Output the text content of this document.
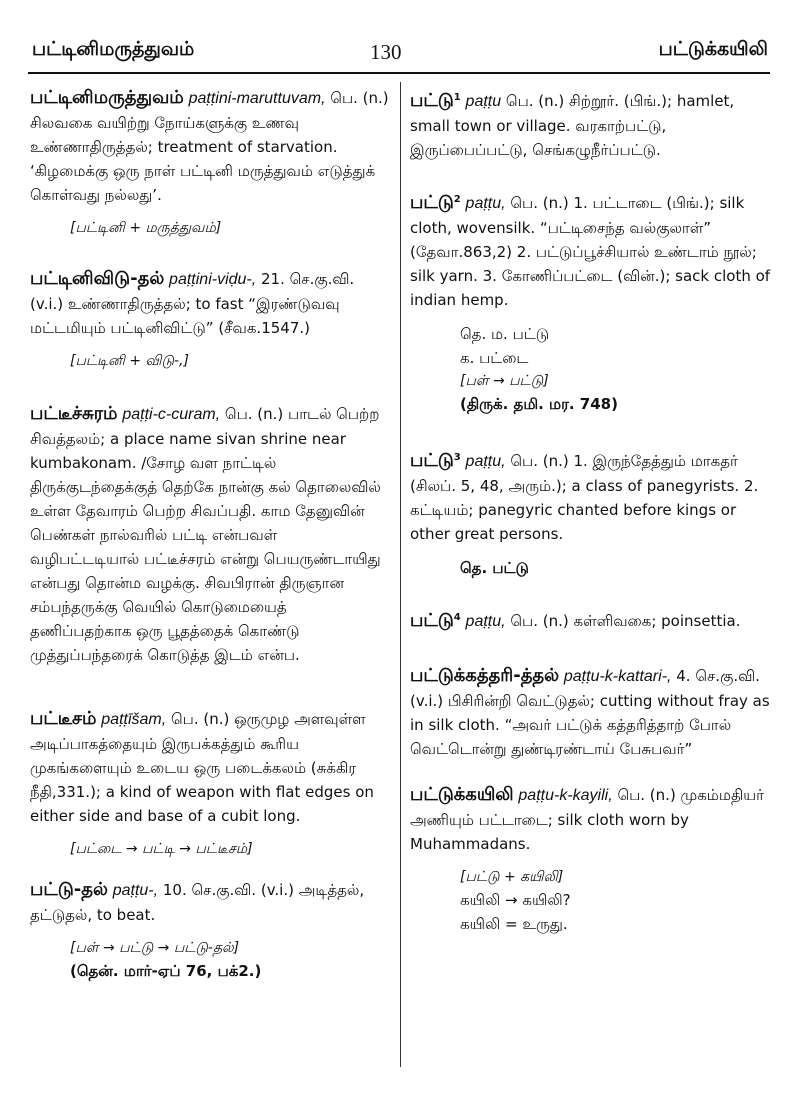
பட்டினிமருத்துவம்	130	பட்டுக்கயிலி
பட்டினிமருத்துவம் paṭṭini-maruttuvam, பெ. (n.) சிலவகை வயிற்று நோய்களுக்கு உணவு உண்ணாதிருத்தல்; treatment of starvation. ‘கிழமைக்கு ஒரு நாள் பட்டினி மருத்துவம் எடுத்துக் கொள்வது நல்லது’.
[பட்டினி + மருத்துவம்]
பட்டினிவிடு-தல் paṭṭini-viḍu-, 21. செ.கு.வி. (v.i.) உண்ணாதிருத்தல்; to fast “இரண்டுவவு மட்டமியும் பட்டினிவிட்டு” (சீவக.1547.)
[பட்டினி + விடு-,]
பட்டீச்சுரம் paṭṭi-c-curam, பெ. (n.) பாடல் பெற்ற சிவத்தலம்; a place name sivan shrine near kumbakonam. /சோழ வள நாட்டில் திருக்குடந்தைக்குத் தெற்கே நான்கு கல் தொலைவில் உள்ள தேவாரம் பெற்ற சிவப்பதி. காம தேனுவின் பெண்கள் நால்வரில் பட்டி என்பவள் வழிபட்டடியால் பட்டீச்சரம் என்று பெயருண்டாயிது என்பது தொன்ம வழக்கு. சிவபிரான் திருஞான சம்பந்தருக்கு வெயில் கொடுமையைத் தணிப்பதற்காக ஒரு பூதத்தைக் கொண்டு முத்துப்பந்தரைக் கொடுத்த இடம் என்ப.
பட்டீசம் paṭṭīšam, பெ. (n.) ஒருமுழ அளவுள்ள அடிப்பாகத்தையும் இருபக்கத்தும் கூரிய முகங்களையும் உடைய ஒரு படைக்கலம் (சுக்கிர நீதி,331.); a kind of weapon with flat edges on either side and base of a cubit long.
[பட்டை → பட்டி → பட்டீசம்]
பட்டு-தல் paṭṭu-, 10. செ.கு.வி. (v.i.) அடித்தல், தட்டுதல், to beat.
[பள் → பட்டு → பட்டு-தல்]
(தென். மார்-ஏப் 76, பக்2.)
பட்டு$^1$ paṭṭu பெ. (n.) சிற்றூர். (பிங்.); hamlet, small town or village. வரகாற்பட்டு, இருப்பைப்பட்டு, செங்கழுநீர்ப்பட்டு.
பட்டு$^2$ paṭṭu, பெ. (n.) 1. பட்டாடை (பிங்.); silk cloth, wovensilk. “பட்டிசைந்த வல்குலாள்” (தேவா.863,2) 2. பட்டுப்பூச்சியால் உண்டாம் நூல்; silk yarn. 3. கோணிப்பட்டை (வின்.); sack cloth of indian hemp.
தெ. ம. பட்டு
க. பட்டை
[பள் → பட்டு]
(திருக். தமி. மர. 748)
பட்டு$^3$ paṭṭu, பெ. (n.) 1. இருந்தேத்தும் மாகதர் (சிலப். 5, 48, அரும்.); a class of panegyrists. 2. கட்டியம்; panegyric chanted before kings or other great persons.
தெ. பட்டு
பட்டு$^4$ paṭṭu, பெ. (n.) கள்ளிவகை; poinsettia.
பட்டுக்கத்தரி-த்தல் paṭṭu-k-kattari-, 4. செ.கு.வி. (v.i.) பிசிரின்றி வெட்டுதல்; cutting without fray as in silk cloth. “அவர் பட்டுக் கத்தரித்தாற் போல் வெட்டொன்று துண்டிரண்டாய் பேசுபவர்”
பட்டுக்கயிலி paṭṭu-k-kayili, பெ. (n.) முகம்மதியர் அணியும் பட்டாடை; silk cloth worn by Muhammadans.
[பட்டு + கயிலி]
கயிலி → கயிலி?
கயிலி = உருது.
